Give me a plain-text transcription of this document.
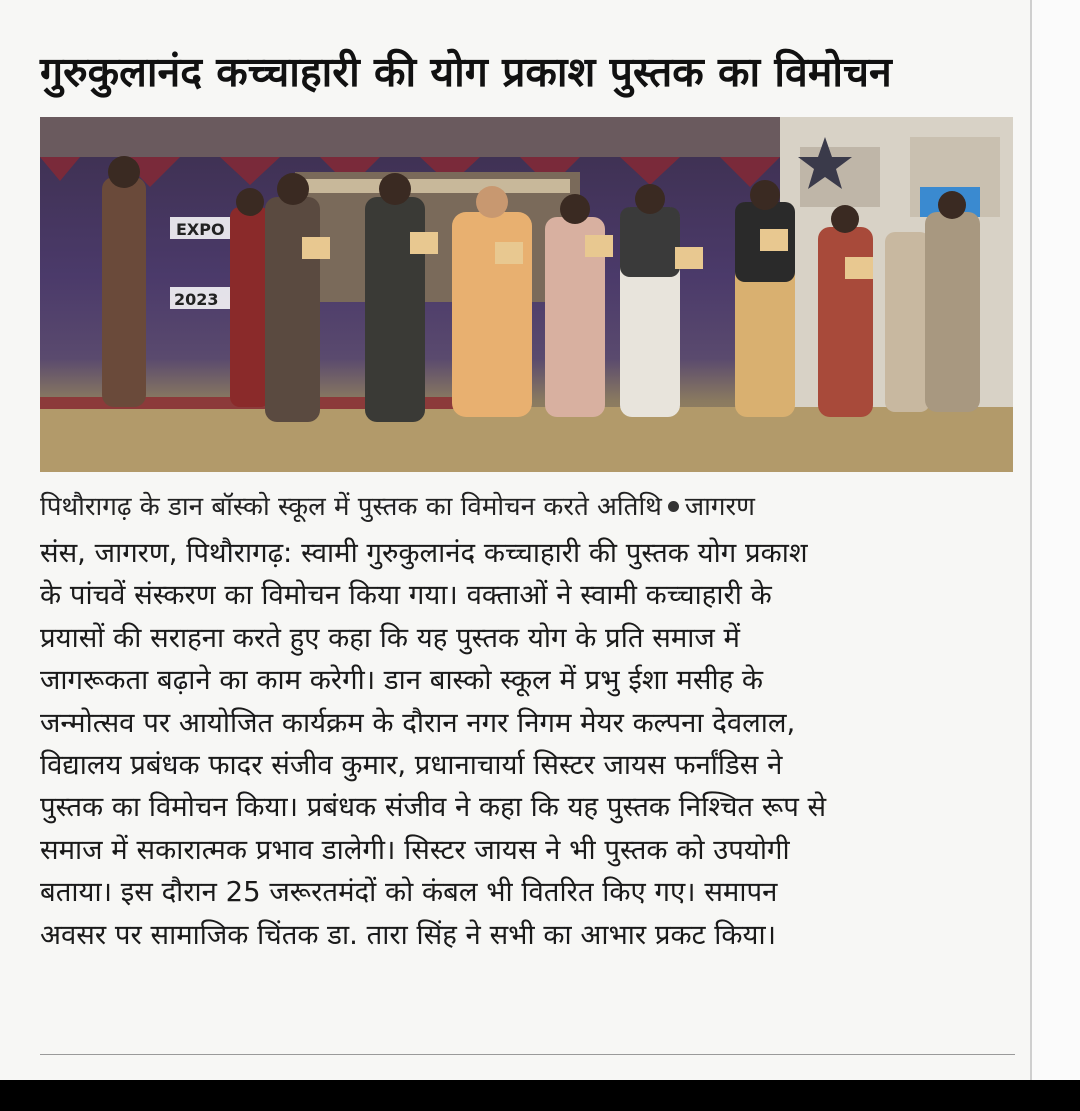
गुरुकुलानंद कच्चाहारी की योग प्रकाश पुस्तक का विमोचन
EXPO
2023
पिथौरागढ़ के डान बॉस्को स्कूल में पुस्तक का विमोचन करते अतिथि जागरण
संस, जागरण, पिथौरागढ़: स्वामी गुरुकुलानंद कच्चाहारी की पुस्तक योग प्रकाश
के पांचवें संस्करण का विमोचन किया गया। वक्ताओं ने स्वामी कच्चाहारी के
प्रयासों की सराहना करते हुए कहा कि यह पुस्तक योग के प्रति समाज में
जागरूकता बढ़ाने का काम करेगी। डान बास्को स्कूल में प्रभु ईशा मसीह के
जन्मोत्सव पर आयोजित कार्यक्रम के दौरान नगर निगम मेयर कल्पना देवलाल,
विद्यालय प्रबंधक फादर संजीव कुमार, प्रधानाचार्या सिस्टर जायस फर्नांडिस ने
पुस्तक का विमोचन किया। प्रबंधक संजीव ने कहा कि यह पुस्तक निश्चित रूप से
समाज में सकारात्मक प्रभाव डालेगी। सिस्टर जायस ने भी पुस्तक को उपयोगी
बताया। इस दौरान 25 जरूरतमंदों को कंबल भी वितरित किए गए। समापन
अवसर पर सामाजिक चिंतक डा. तारा सिंह ने सभी का आभार प्रकट किया।
